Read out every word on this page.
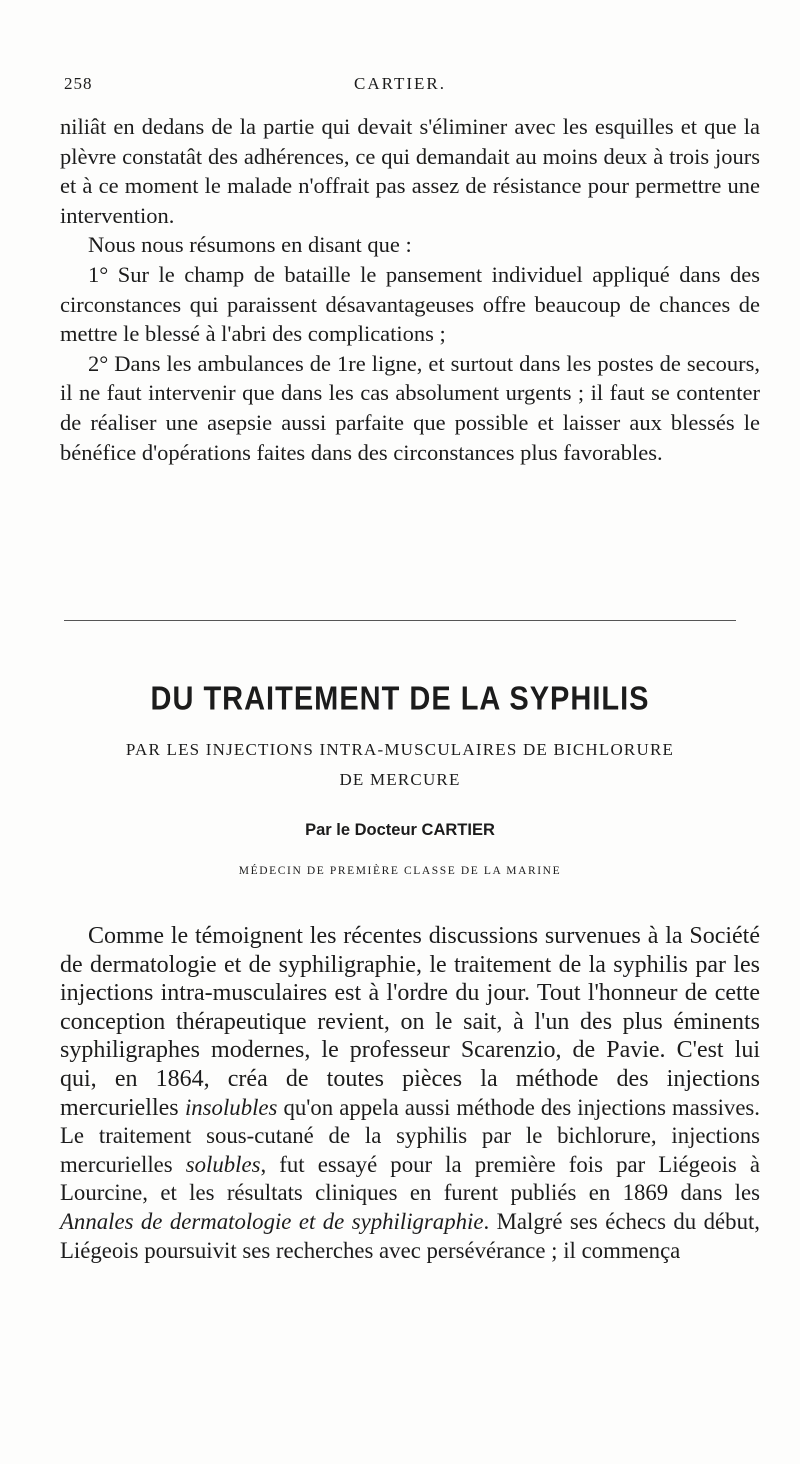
258	CARTIER.

niliât en dedans de la partie qui devait s'éliminer avec les esquilles et que la plèvre constatât des adhérences, ce qui demandait au moins deux à trois jours et à ce moment le malade n'offrait pas assez de résistance pour permettre une intervention.

Nous nous résumons en disant que :

1° Sur le champ de bataille le pansement individuel appliqué dans des circonstances qui paraissent désavantageuses offre beaucoup de chances de mettre le blessé à l'abri des complications ;

2° Dans les ambulances de 1re ligne, et surtout dans les postes de secours, il ne faut intervenir que dans les cas absolument urgents ; il faut se contenter de réaliser une asepsie aussi parfaite que possible et laisser aux blessés le bénéfice d'opérations faites dans des circonstances plus favorables.

DU TRAITEMENT DE LA SYPHILIS
PAR LES INJECTIONS INTRA-MUSCULAIRES DE BICHLORURE
DE MERCURE
Par le Docteur CARTIER
MÉDECIN DE PREMIÈRE CLASSE DE LA MARINE

Comme le témoignent les récentes discussions survenues à la Société de dermatologie et de syphiligraphie, le traitement de la syphilis par les injections intra-musculaires est à l'ordre du jour. Tout l'honneur de cette conception thérapeutique revient, on le sait, à l'un des plus éminents syphiligraphes modernes, le professeur Scarenzio, de Pavie. C'est lui qui, en 1864, créa de toutes pièces la méthode des injections mercurielles insolubles qu'on appela aussi méthode des injections massives. Le traitement sous-cutané de la syphilis par le bichlorure, injections mercurielles solubles, fut essayé pour la première fois par Liégeois à Lourcine, et les résultats cliniques en furent publiés en 1869 dans les Annales de dermatologie et de syphiligraphie. Malgré ses échecs du début, Liégeois poursuivit ses recherches avec persévérance ; il commença
